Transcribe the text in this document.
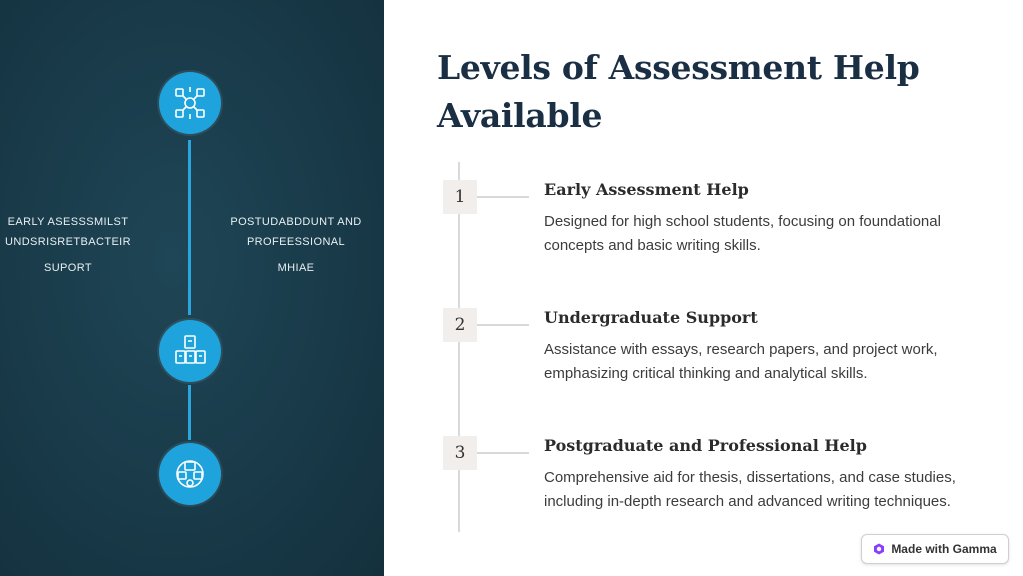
EARLY ASESSSMILST
UNDSRISRETBACTEIR
SUPORT
POSTUDABDDUNT AND
PROFEESSIONAL
MHIAE
Levels of Assessment Help Available
1	Early Assessment Help

Designed for high school students, focusing on foundational concepts and basic writing skills.

2	Undergraduate Support

Assistance with essays, research papers, and project work, emphasizing critical thinking and analytical skills.

3	Postgraduate and Professional Help

Comprehensive aid for thesis, dissertations, and case studies, including in-depth research and advanced writing techniques.

Made with Gamma
